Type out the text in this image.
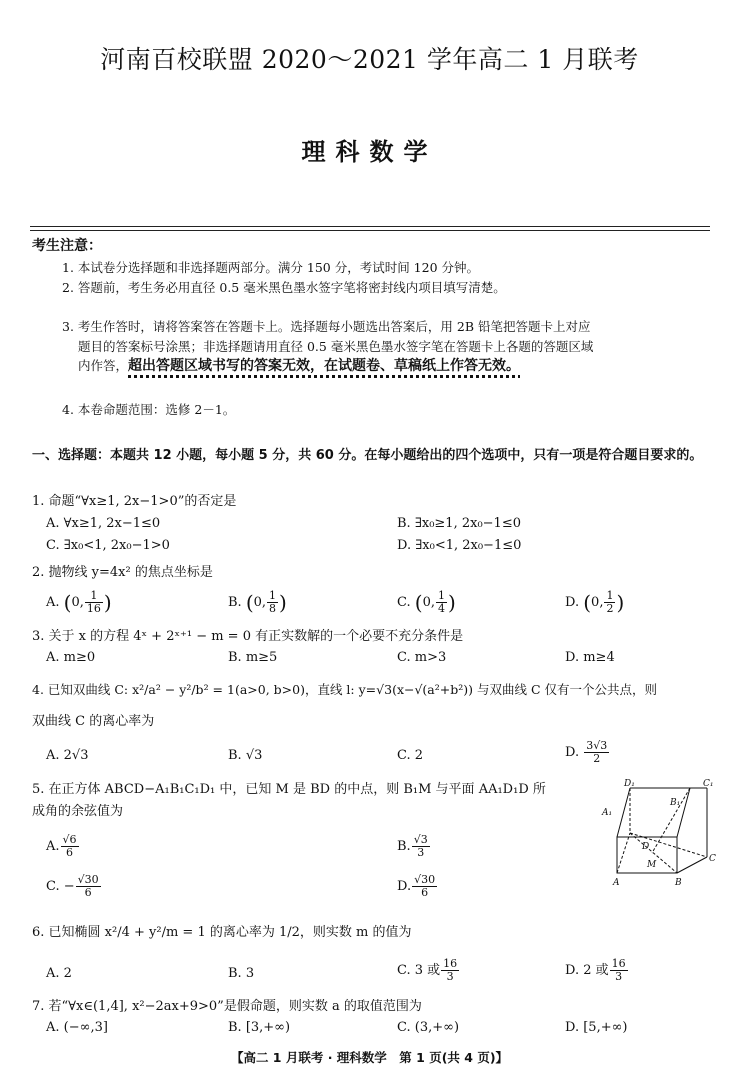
河南百校联盟 2020～2021 学年高二 1 月联考
理科数学
考生注意：
1. 本试卷分选择题和非选择题两部分。满分 150 分，考试时间 120 分钟。
2. 答题前，考生务必用直径 0.5 毫米黑色墨水签字笔将密封线内项目填写清楚。
3. 考生作答时，请将答案答在答题卡上。选择题每小题选出答案后，用 2B 铅笔把答题卡上对应题目的答案标号涂黑；非选择题请用直径 0.5 毫米黑色墨水签字笔在答题卡上各题的答题区域内作答，超出答题区域书写的答案无效，在试题卷、草稿纸上作答无效。
4. 本卷命题范围：选修 2－1。
一、选择题：本题共 12 小题，每小题 5 分，共 60 分。在每小题给出的四个选项中，只有一项是符合题目要求的。
1. 命题“∀x≥1, 2x−1>0”的否定是
A. ∀x≥1, 2x−1≤0	B. ∃x₀≥1, 2x₀−1≤0
C. ∃x₀<1, 2x₀−1>0	D. ∃x₀<1, 2x₀−1≤0
2. 抛物线 y=4x² 的焦点坐标是
A. (0, $\frac{1}{16}$ )	B. (0, $\frac{1}{8}$ )	C. (0, $\frac{1}{4}$ )	D. (0, $\frac{1}{2}$ )
3. 关于 x 的方程 4ˣ + 2ˣ⁺¹ − m = 0 有正实数解的一个必要不充分条件是
A. m≥0	B. m≥5	C. m>3	D. m≥4
4. 已知双曲线 C: x²/a² − y²/b² = 1(a>0, b>0)，直线 l: y=√3(x−√(a²+b²)) 与双曲线 C 仅有一个公共点，则
双曲线 C 的离心率为
A. 2√3	B. √3	C. 2	D. $\frac{3√3}{2}$
5. 在正方体 ABCD−A₁B₁C₁D₁ 中，已知 M 是 BD 的中点，则 B₁M 与平面 AA₁D₁D 所
成角的余弦值为
A. $\frac{√6}{6}$	B. $\frac{√3}{3}$
C. − $\frac{√30}{6}$	D. $\frac{√30}{6}$
D₁	C₁
A₁
B₁
D
C
M
A	B
6. 已知椭圆 x²/4 + y²/m = 1 的离心率为 1/2，则实数 m 的值为
A. 2	B. 3	C. 3 或 $\frac{16}{3}$	D. 2 或 $\frac{16}{3}$
7. 若“∀x∈(1,4], x²−2ax+9>0”是假命题，则实数 a 的取值范围为
A. (−∞,3]	B. [3,+∞)	C. (3,+∞)	D. [5,+∞)
【高二 1 月联考 · 理科数学　第 1 页(共 4 页)】
